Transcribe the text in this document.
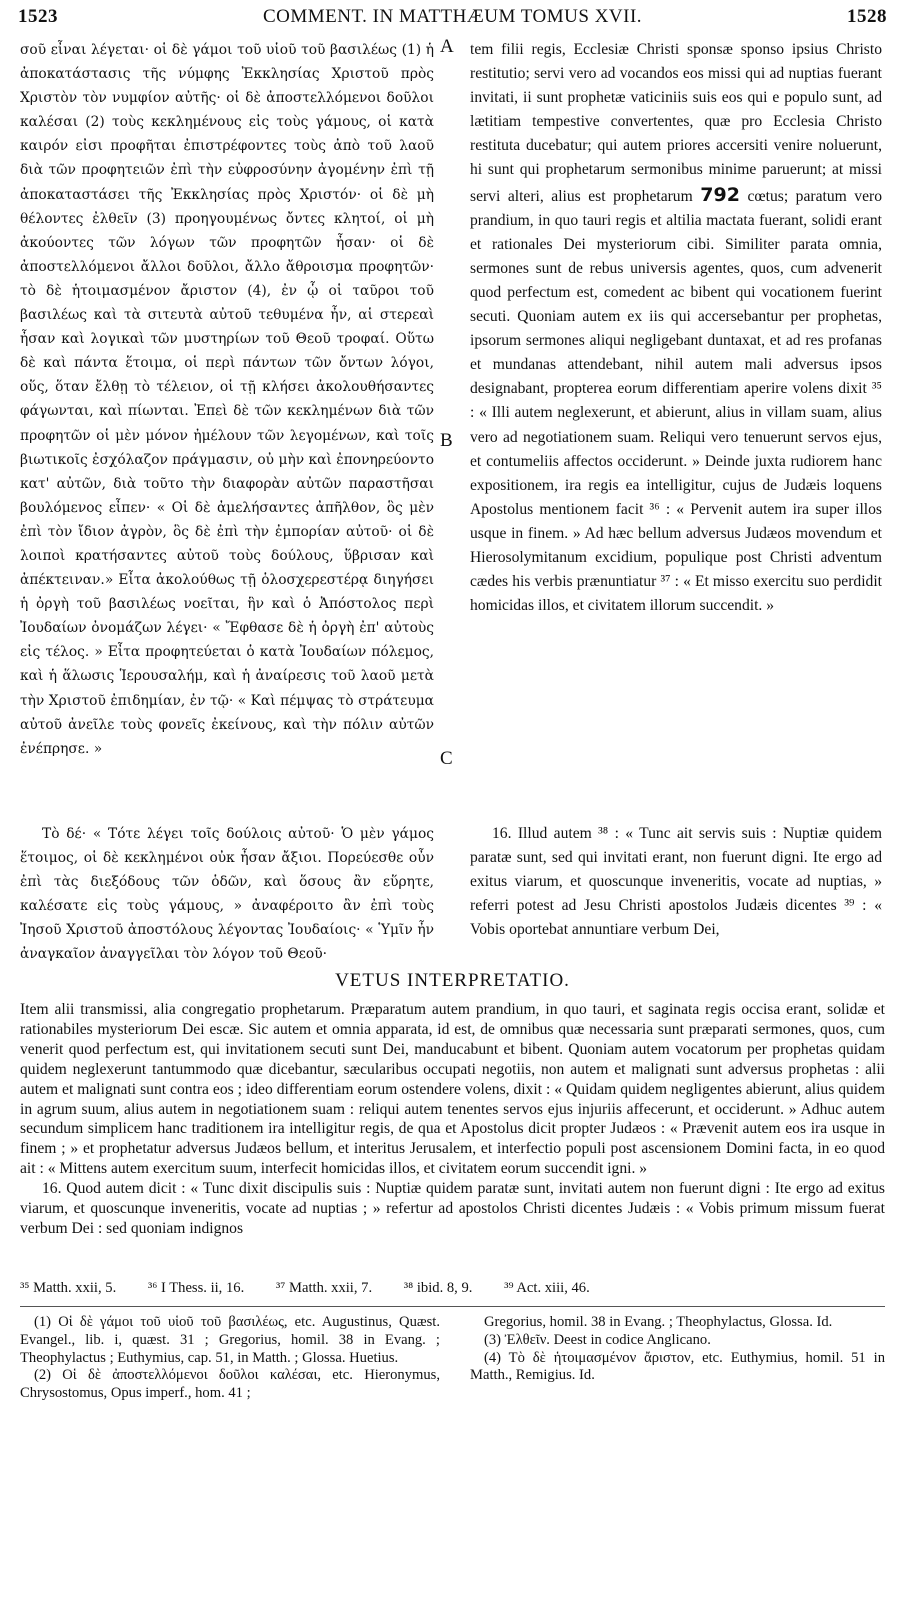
1523	COMMENT. IN MATTHÆUM TOMUS XVII.	1528
A
B
C

σοῦ εἶναι λέγεται· οἱ δὲ γάμοι τοῦ υἱοῦ τοῦ βασιλέως (1) ἡ ἀποκατάστασις τῆς νύμφης Ἐκκλησίας Χριστοῦ πρὸς Χριστὸν τὸν νυμφίον αὐτῆς· οἱ δὲ ἀποστελλόμενοι δοῦλοι καλέσαι (2) τοὺς κεκλημένους εἰς τοὺς γάμους, οἱ κατὰ καιρόν εἰσι προφῆται ἐπιστρέφοντες τοὺς ἀπὸ τοῦ λαοῦ διὰ τῶν προφητειῶν ἐπὶ τὴν εὐφροσύνην ἀγομένην ἐπὶ τῇ ἀποκαταστάσει τῆς Ἐκκλησίας πρὸς Χριστόν· οἱ δὲ μὴ θέλοντες ἐλθεῖν (3) προηγουμένως ὄντες κλητοί, οἱ μὴ ἀκούοντες τῶν λόγων τῶν προφητῶν ἦσαν· οἱ δὲ ἀποστελλόμενοι ἄλλοι δοῦλοι, ἄλλο ἄθροισμα προφητῶν· τὸ δὲ ἡτοιμασμένον ἄριστον (4), ἐν ᾧ οἱ ταῦροι τοῦ βασιλέως καὶ τὰ σιτευτὰ αὐτοῦ τεθυμένα ἦν, αἱ στερεαὶ ἦσαν καὶ λογικαὶ τῶν μυστηρίων τοῦ Θεοῦ τροφαί. Οὕτω δὲ καὶ πάντα ἕτοιμα, οἱ περὶ πάντων τῶν ὄντων λόγοι, οὕς, ὅταν ἔλθῃ τὸ τέλειον, οἱ τῇ κλήσει ἀκολουθήσαντες φάγωνται, καὶ πίωνται. Ἐπεὶ δὲ τῶν κεκλημένων διὰ τῶν προφητῶν οἱ μὲν μόνον ἠμέλουν τῶν λεγομένων, καὶ τοῖς βιωτικοῖς ἐσχόλαζον πράγμασιν, οὐ μὴν καὶ ἐπονηρεύοντο κατ' αὐτῶν, διὰ τοῦτο τὴν διαφορὰν αὐτῶν παραστῆσαι βουλόμενος εἶπεν· « Οἱ δὲ ἀμελήσαντες ἀπῆλθον, ὃς μὲν ἐπὶ τὸν ἴδιον ἀγρὸν, ὃς δὲ ἐπὶ τὴν ἐμπορίαν αὐτοῦ· οἱ δὲ λοιποὶ κρατήσαντες αὐτοῦ τοὺς δούλους, ὕβρισαν καὶ ἀπέκτειναν.» Εἶτα ἀκολούθως τῇ ὁλοσχερεστέρᾳ διηγήσει ἡ ὀργὴ τοῦ βασιλέως νοεῖται, ἣν καὶ ὁ Ἀπόστολος περὶ Ἰουδαίων ὀνομάζων λέγει· « Ἔφθασε δὲ ἡ ὀργὴ ἐπ' αὐτοὺς εἰς τέλος. » Εἶτα προφητεύεται ὁ κατὰ Ἰουδαίων πόλεμος, καὶ ἡ ἅλωσις Ἱερουσαλήμ, καὶ ἡ ἀναίρεσις τοῦ λαοῦ μετὰ τὴν Χριστοῦ ἐπιδημίαν, ἐν τῷ· « Καὶ πέμψας τὸ στράτευμα αὐτοῦ ἀνεῖλε τοὺς φονεῖς ἐκείνους, καὶ τὴν πόλιν αὐτῶν ἐνέπρησε. »

tem filii regis, Ecclesiæ Christi sponsæ sponso ipsius Christo restitutio; servi vero ad vocandos eos missi qui ad nuptias fuerant invitati, ii sunt prophetæ vaticiniis suis eos qui e populo sunt, ad lætitiam tempestive convertentes, quæ pro Ecclesia Christo restituta ducebatur; qui autem priores accersiti venire noluerunt, hi sunt qui prophetarum sermonibus minime paruerunt; at missi servi alteri, alius est prophetarum 792 cœtus; paratum vero prandium, in quo tauri regis et altilia mactata fuerant, solidi erant et rationales Dei mysteriorum cibi. Similiter parata omnia, sermones sunt de rebus universis agentes, quos, cum advenerit quod perfectum est, comedent ac bibent qui vocationem fuerint secuti. Quoniam autem ex iis qui accersebantur per prophetas, ipsorum sermones aliqui negligebant duntaxat, et ad res profanas et mundanas attendebant, nihil autem mali adversus ipsos designabant, propterea eorum differentiam aperire volens dixit ³⁵ : « Illi autem neglexerunt, et abierunt, alius in villam suam, alius vero ad negotiationem suam. Reliqui vero tenuerunt servos ejus, et contumeliis affectos occiderunt. » Deinde juxta rudiorem hanc expositionem, ira regis ea intelligitur, cujus de Judæis loquens Apostolus mentionem facit ³⁶ : « Pervenit autem ira super illos usque in finem. » Ad hæc bellum adversus Judæos movendum et Hierosolymitanum excidium, populique post Christi adventum cædes his verbis prænuntiatur ³⁷ : « Et misso exercitu suo perdidit homicidas illos, et civitatem illorum succendit. »

Τὸ δέ· « Τότε λέγει τοῖς δούλοις αὐτοῦ· Ὁ μὲν γάμος ἕτοιμος, οἱ δὲ κεκλημένοι οὐκ ἦσαν ἄξιοι. Πορεύεσθε οὖν ἐπὶ τὰς διεξόδους τῶν ὁδῶν, καὶ ὅσους ἂν εὕρητε, καλέσατε εἰς τοὺς γάμους, » ἀναφέροιτο ἂν ἐπὶ τοὺς Ἰησοῦ Χριστοῦ ἀποστόλους λέγοντας Ἰουδαίοις· « Ὑμῖν ἦν ἀναγκαῖον ἀναγγεῖλαι τὸν λόγον τοῦ Θεοῦ·

16. Illud autem ³⁸ : « Tunc ait servis suis : Nuptiæ quidem paratæ sunt, sed qui invitati erant, non fuerunt digni. Ite ergo ad exitus viarum, et quoscunque inveneritis, vocate ad nuptias, » referri potest ad Jesu Christi apostolos Judæis dicentes ³⁹ : « Vobis oportebat annuntiare verbum Dei,

VETUS INTERPRETATIO.

Item alii transmissi, alia congregatio prophetarum. Præparatum autem prandium, in quo tauri, et saginata regis occisa erant, solidæ et rationabiles mysteriorum Dei escæ. Sic autem et omnia apparata, id est, de omnibus quæ necessaria sunt præparati sermones, quos, cum venerit quod perfectum est, qui invitationem secuti sunt Dei, manducabunt et bibent. Quoniam autem vocatorum per prophetas quidam quidem neglexerunt tantummodo quæ dicebantur, sæcularibus occupati negotiis, non autem et malignati sunt adversus prophetas : alii autem et malignati sunt contra eos ; ideo differentiam eorum ostendere volens, dixit : « Quidam quidem negligentes abierunt, alius quidem in agrum suum, alius autem in negotiationem suam : reliqui autem tenentes servos ejus injuriis affecerunt, et occiderunt. » Adhuc autem secundum simplicem hanc traditionem ira intelligitur regis, de qua et Apostolus dicit propter Judæos : « Prævenit autem eos ira usque in finem ; » et prophetatur adversus Judæos bellum, et interitus Jerusalem, et interfectio populi post ascensionem Domini facta, in eo quod ait : « Mittens autem exercitum suum, interfecit homicidas illos, et civitatem eorum succendit igni. »

16. Quod autem dicit : « Tunc dixit discipulis suis : Nuptiæ quidem paratæ sunt, invitati autem non fuerunt digni : Ite ergo ad exitus viarum, et quoscunque inveneritis, vocate ad nuptias ; » refertur ad apostolos Christi dicentes Judæis : « Vobis primum missum fuerat verbum Dei : sed quoniam indignos

³⁵ Matth. xxii, 5. ³⁶ I Thess. ii, 16. ³⁷ Matth. xxii, 7. ³⁸ ibid. 8, 9. ³⁹ Act. xiii, 46.

(1) Οἱ δὲ γάμοι τοῦ υἱοῦ τοῦ βασιλέως, etc. Augustinus, Quæst. Evangel., lib. i, quæst. 31 ; Gregorius, homil. 38 in Evang. ; Theophylactus ; Euthymius, cap. 51, in Matth. ; Glossa. Huetius.

(2) Οἱ δὲ ἀποστελλόμενοι δοῦλοι καλέσαι, etc. Hieronymus, Chrysostomus, Opus imperf., hom. 41 ;

Gregorius, homil. 38 in Evang. ; Theophylactus, Glossa. Id.

(3) Ἐλθεῖν. Deest in codice Anglicano.

(4) Τὸ δὲ ἡτοιμασμένον ἄριστον, etc. Euthymius, homil. 51 in Matth., Remigius. Id.
